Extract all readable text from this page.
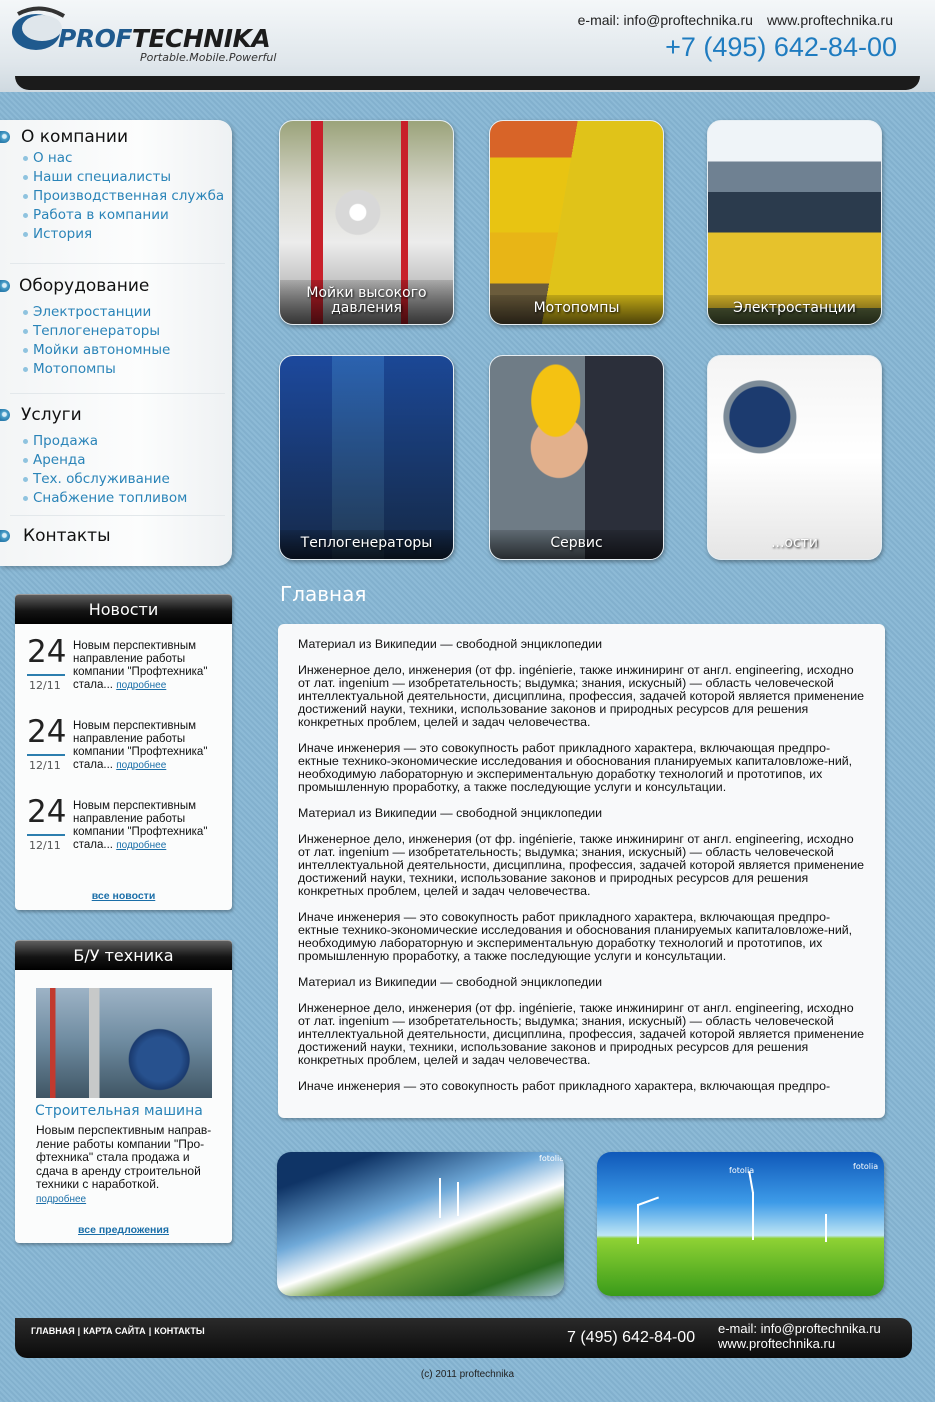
PROFTECHNIKA
Portable.Mobile.Powerful
e-mail: info@proftechnika.ru www.proftechnika.ru
+7 (495) 642-84-00
О компании
О нас
Наши специалисты
Производственная служба
Работа в компании
История
Оборудование
Электростанции
Теплогенераторы
Мойки автономные
Мотопомпы
Услуги
Продажа
Аренда
Тех. обслуживание
Снабжение топливом
Контакты
Новости
24
12/11
Новым перспективным направление работы компании "Профтехника" стала... подробнее
24
12/11
Новым перспективным направление работы компании "Профтехника" стала... подробнее
24
12/11
Новым перспективным направление работы компании "Профтехника" стала... подробнее
все новости
Б/У техника
Строительная машина
Новым перспективным направ-ление работы компании "Про-фтехника" стала продажа и сдача в аренду строительной техники с наработкой.
подробнее
все предложения
Мойки высокого давления	Мотопомпы	Электростанции
Теплогенераторы	Сервис	...ости
Главная

Материал из Википедии — свободной энциклопедии

Инженерное дело, инженерия (от фр. ingénierie, также инжиниринг от англ. engineering, исходно от лат. ingenium — изобретательность; выдумка; знания, искусный) — область человеческой интеллектуальной деятельности, дисциплина, профессия, задачей которой является применение достижений науки, техники, использование законов и природных ресурсов для решения конкретных проблем, целей и задач человечества.

Иначе инженерия — это совокупность работ прикладного характера, включающая предпро-ектные технико-экономические исследования и обоснования планируемых капиталовложе-ний, необходимую лабораторную и экспериментальную доработку технологий и прототипов, их промышленную проработку, а также последующие услуги и консультации.

Материал из Википедии — свободной энциклопедии

Инженерное дело, инженерия (от фр. ingénierie, также инжиниринг от англ. engineering, исходно от лат. ingenium — изобретательность; выдумка; знания, искусный) — область человеческой интеллектуальной деятельности, дисциплина, профессия, задачей которой является применение достижений науки, техники, использование законов и природных ресурсов для решения конкретных проблем, целей и задач человечества.

Иначе инженерия — это совокупность работ прикладного характера, включающая предпро-ектные технико-экономические исследования и обоснования планируемых капиталовложе-ний, необходимую лабораторную и экспериментальную доработку технологий и прототипов, их промышленную проработку, а также последующие услуги и консультации.

Материал из Википедии — свободной энциклопедии

Инженерное дело, инженерия (от фр. ingénierie, также инжиниринг от англ. engineering, исходно от лат. ingenium — изобретательность; выдумка; знания, искусный) — область человеческой интеллектуальной деятельности, дисциплина, профессия, задачей которой является применение достижений науки, техники, использование законов и природных ресурсов для решения конкретных проблем, целей и задач человечества.

Иначе инженерия — это совокупность работ прикладного характера, включающая предпро-

fotolia
fotolia	fotolia
ГЛАВНАЯ | КАРТА САЙТА | КОНТАКТЫ	7 (495) 642-84-00
e-mail: info@proftechnika.ru
www.proftechnika.ru
(c) 2011 proftechnika
